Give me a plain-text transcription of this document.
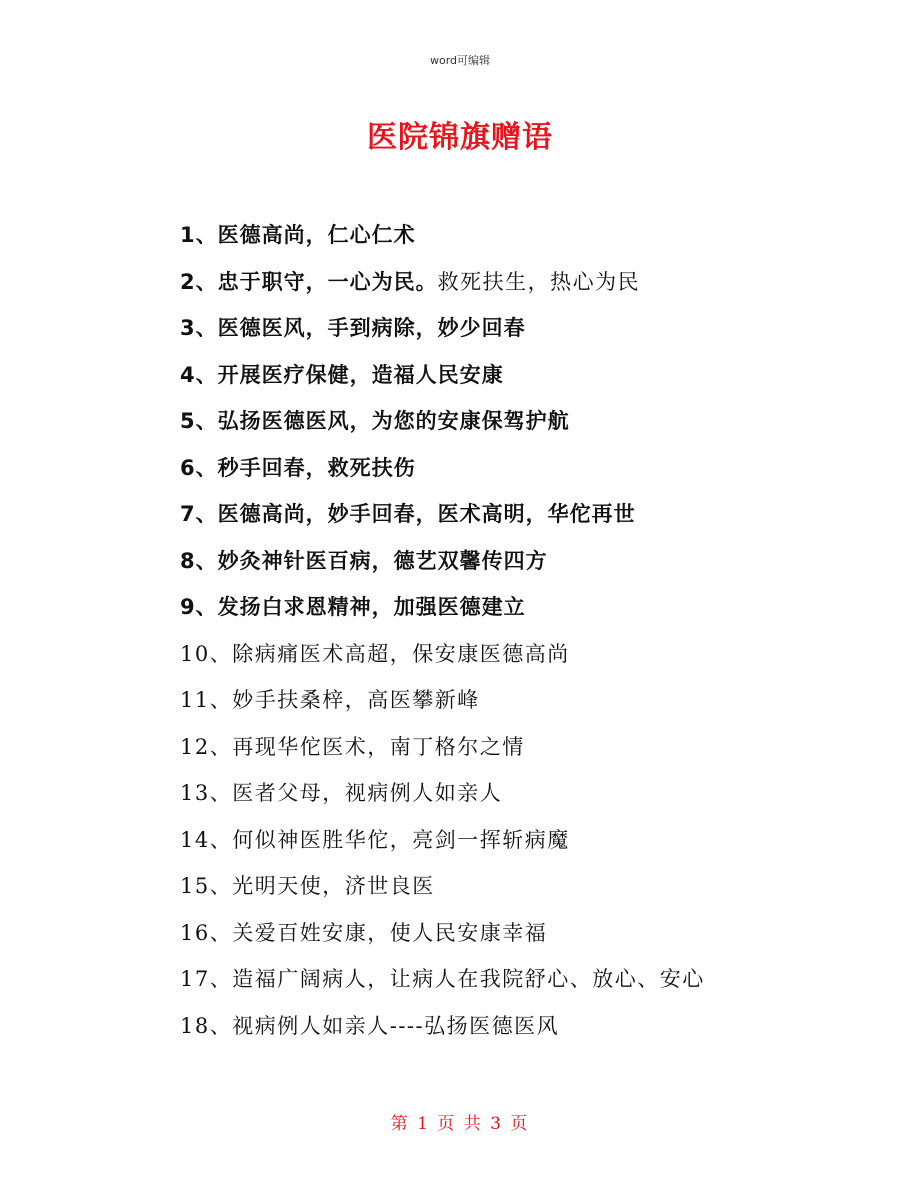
word可编辑
医院锦旗赠语
1、医德高尚，仁心仁术
2、忠于职守，一心为民。救死扶生，热心为民
3、医德医风，手到病除，妙少回春
4、开展医疗保健，造福人民安康
5、弘扬医德医风，为您的安康保驾护航
6、秒手回春，救死扶伤
7、医德高尚，妙手回春，医术高明，华佗再世
8、妙灸神针医百病，德艺双馨传四方
9、发扬白求恩精神，加强医德建立
10、除病痛医术高超，保安康医德高尚
11、妙手扶桑梓，高医攀新峰
12、再现华佗医术，南丁格尔之情
13、医者父母，视病例人如亲人
14、何似神医胜华佗，亮剑一挥斩病魔
15、光明天使，济世良医
16、关爱百姓安康，使人民安康幸福
17、造福广阔病人，让病人在我院舒心、放心、安心
18、视病例人如亲人----弘扬医德医风
第 1 页 共 3 页
